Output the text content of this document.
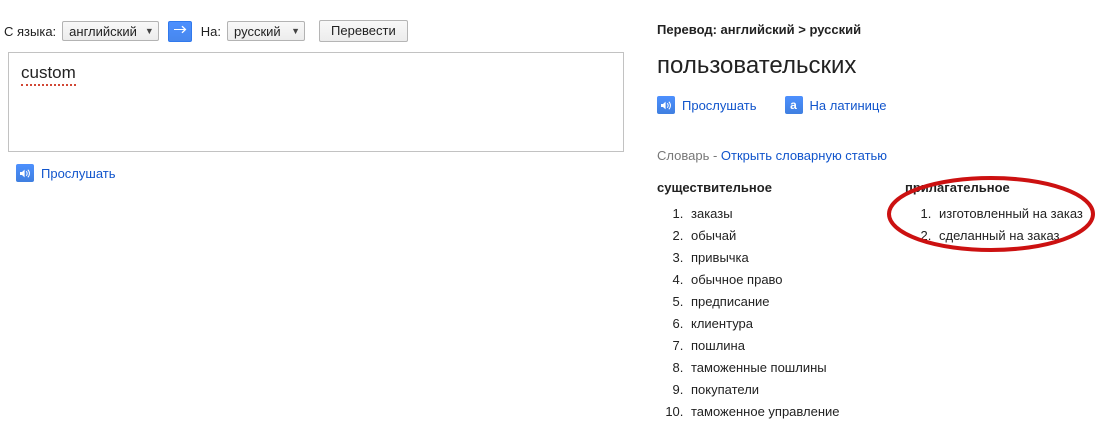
С языка: английский ▼	На: русский ▼	Перевести
custom
Прослушать
Перевод: английский > русский
пользовательских
Прослушать	a На латинице
Словарь - Открыть словарную статью
существительное
1. заказы
2. обычай
3. привычка
4. обычное право
5. предписание
6. клиентура
7. пошлина
8. таможенные пошлины
9. покупатели
10. таможенное управление
прилагательное
1. изготовленный на заказ
2. сделанный на заказ
